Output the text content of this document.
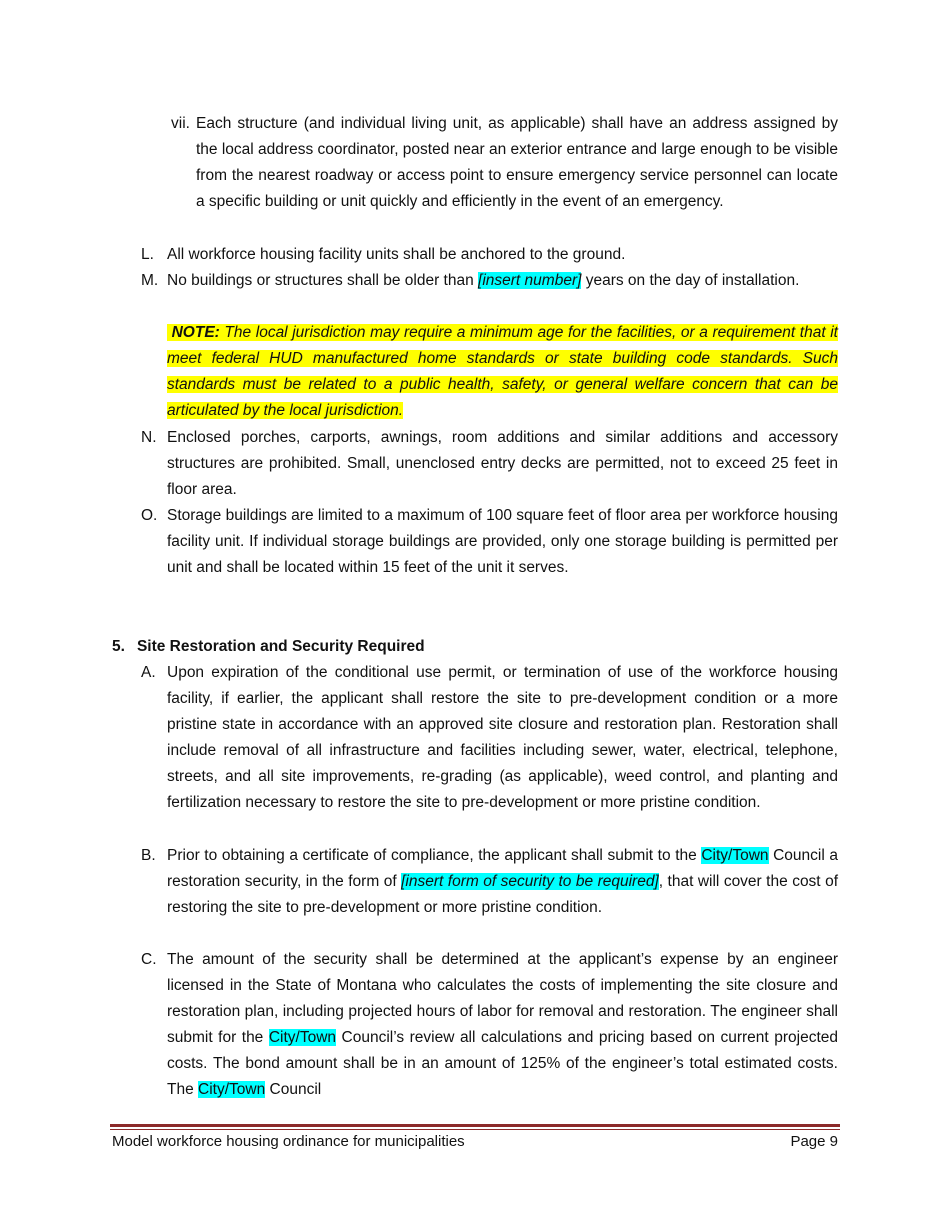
vii. Each structure (and individual living unit, as applicable) shall have an address assigned by the local address coordinator, posted near an exterior entrance and large enough to be visible from the nearest roadway or access point to ensure emergency service personnel can locate a specific building or unit quickly and efficiently in the event of an emergency.
L. All workforce housing facility units shall be anchored to the ground.
M. No buildings or structures shall be older than [insert number] years on the day of installation.
NOTE: The local jurisdiction may require a minimum age for the facilities, or a requirement that it meet federal HUD manufactured home standards or state building code standards. Such standards must be related to a public health, safety, or general welfare concern that can be articulated by the local jurisdiction.
N. Enclosed porches, carports, awnings, room additions and similar additions and accessory structures are prohibited. Small, unenclosed entry decks are permitted, not to exceed 25 feet in floor area.
O. Storage buildings are limited to a maximum of 100 square feet of floor area per workforce housing facility unit. If individual storage buildings are provided, only one storage building is permitted per unit and shall be located within 15 feet of the unit it serves.
5. Site Restoration and Security Required
A. Upon expiration of the conditional use permit, or termination of use of the workforce housing facility, if earlier, the applicant shall restore the site to pre-development condition or a more pristine state in accordance with an approved site closure and restoration plan. Restoration shall include removal of all infrastructure and facilities including sewer, water, electrical, telephone, streets, and all site improvements, re-grading (as applicable), weed control, and planting and fertilization necessary to restore the site to pre-development or more pristine condition.
B. Prior to obtaining a certificate of compliance, the applicant shall submit to the City/Town Council a restoration security, in the form of [insert form of security to be required], that will cover the cost of restoring the site to pre-development or more pristine condition.
C. The amount of the security shall be determined at the applicant’s expense by an engineer licensed in the State of Montana who calculates the costs of implementing the site closure and restoration plan, including projected hours of labor for removal and restoration. The engineer shall submit for the City/Town Council’s review all calculations and pricing based on current projected costs. The bond amount shall be in an amount of 125% of the engineer’s total estimated costs. The City/Town Council
Model workforce housing ordinance for municipalities	Page 9
